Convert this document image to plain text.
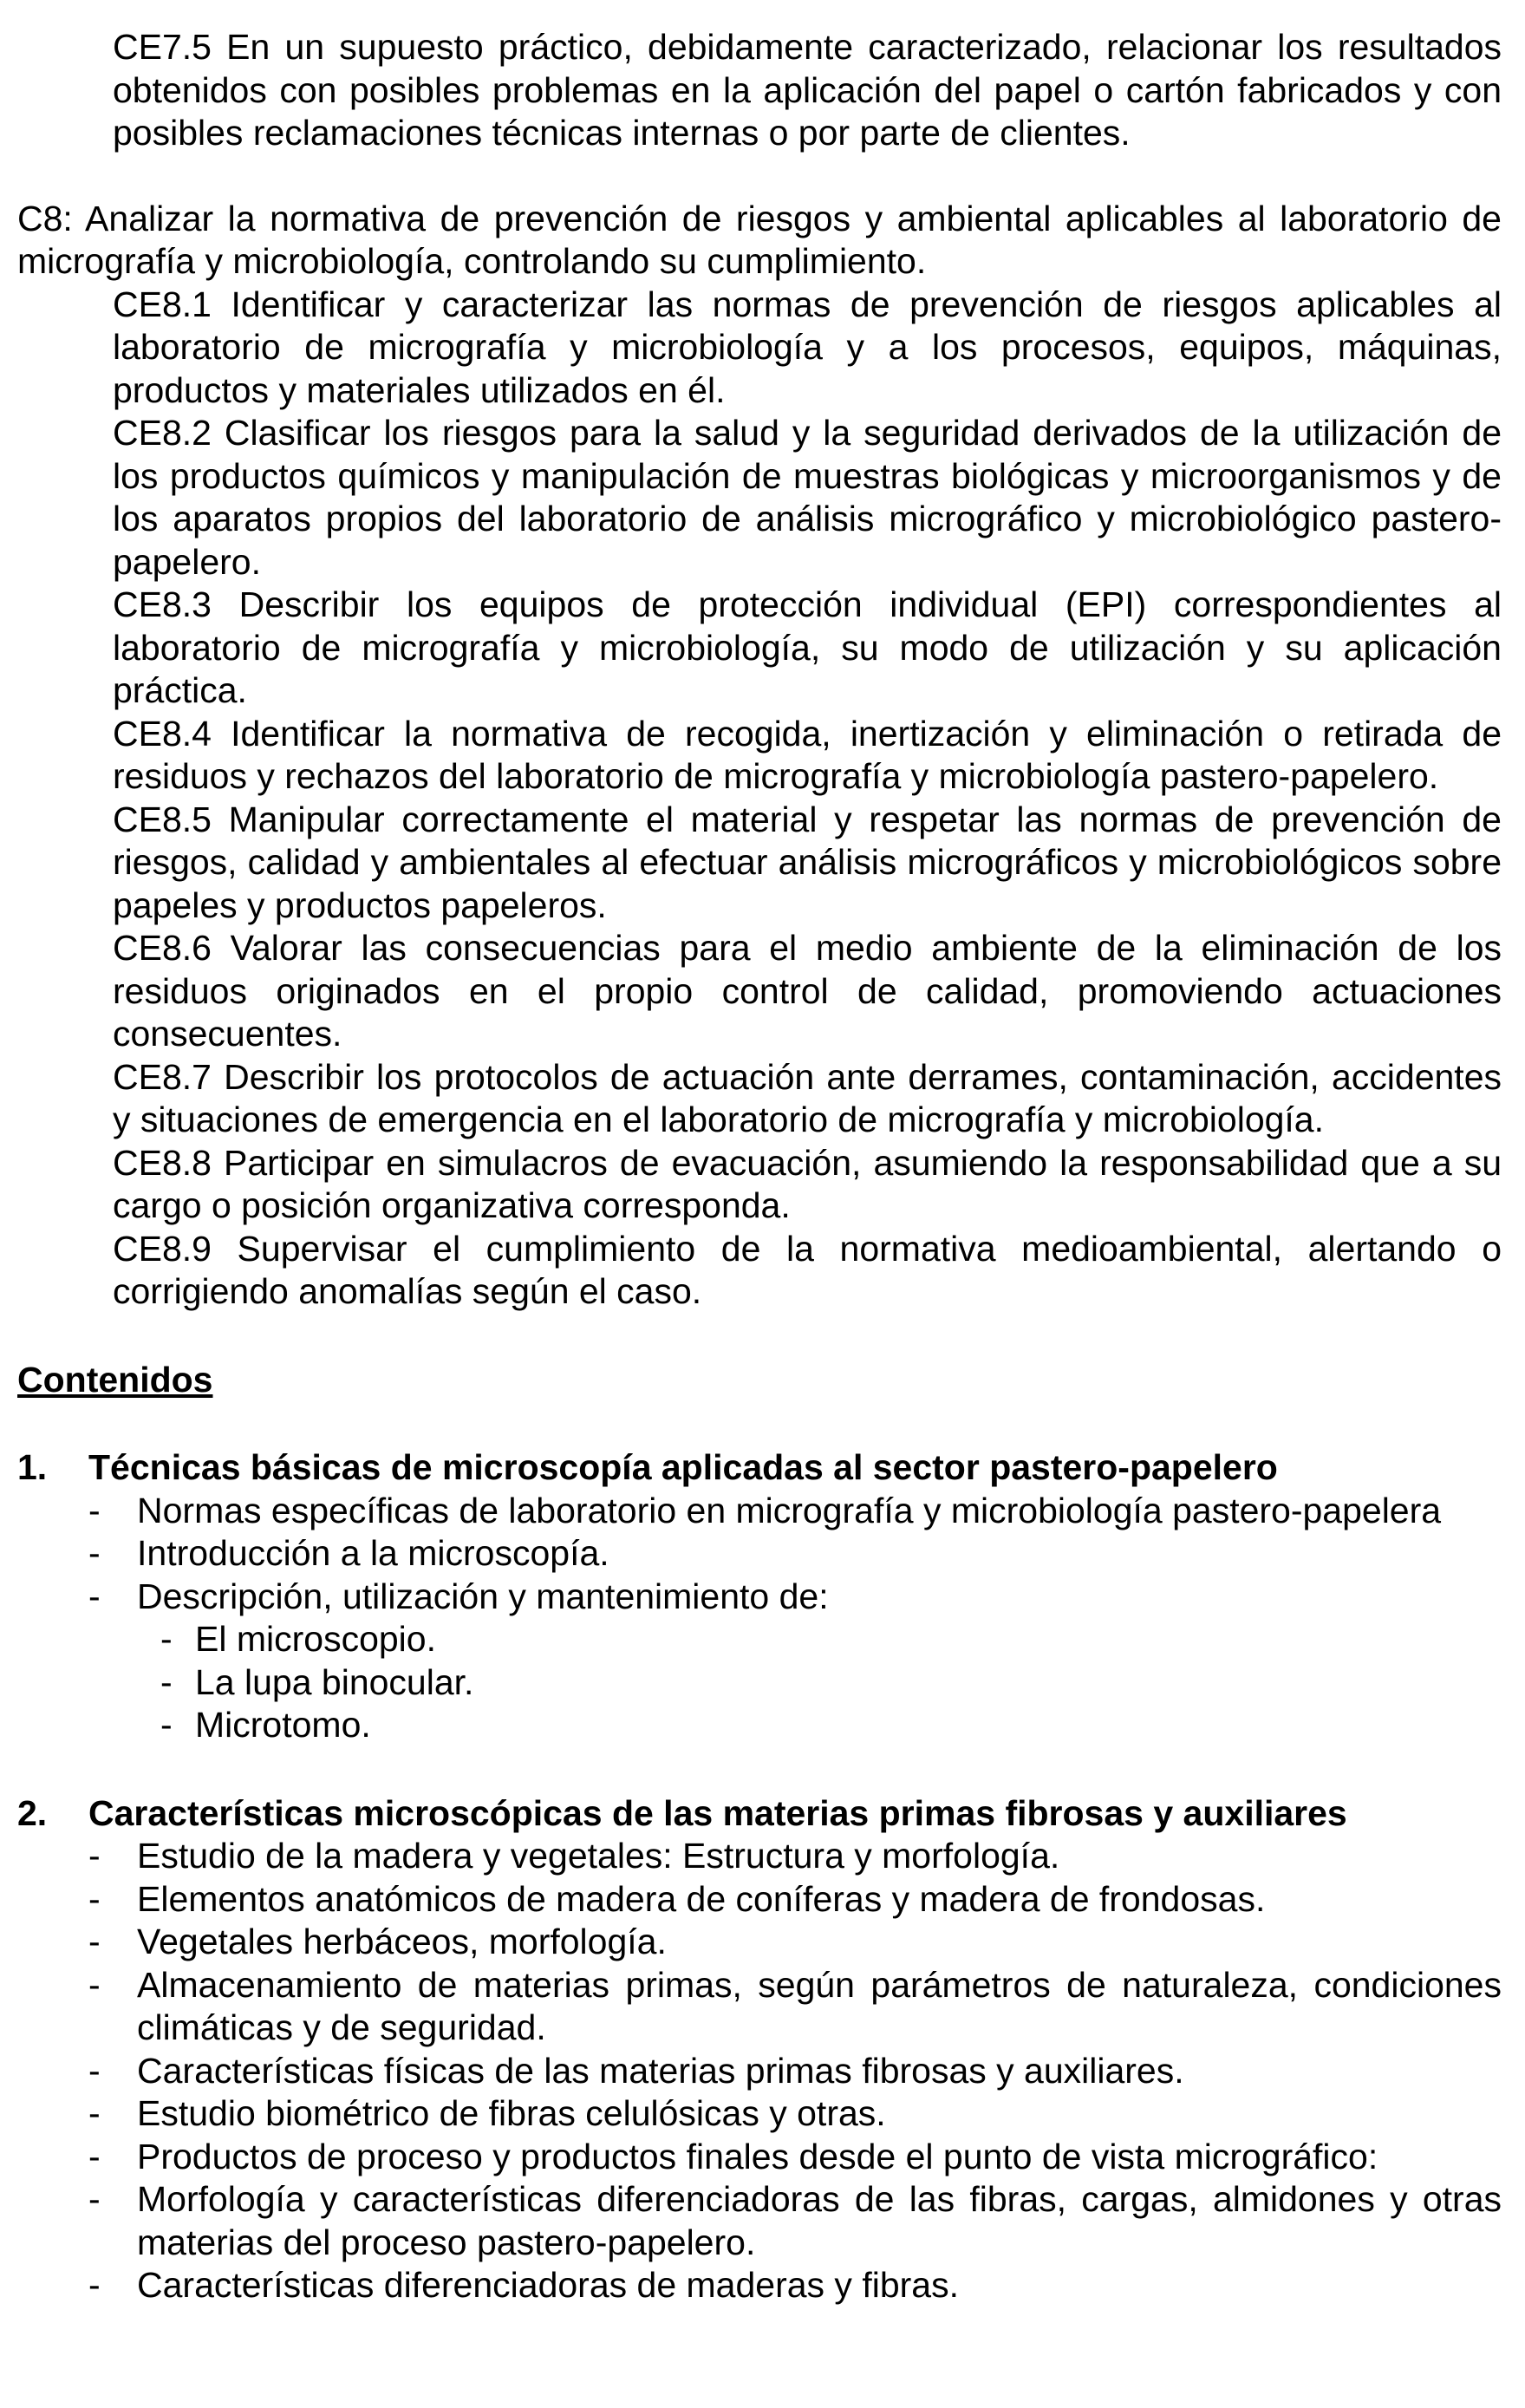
CE7.5 En un supuesto práctico, debidamente caracterizado, relacionar los resultados obtenidos con posibles problemas en la aplicación del papel o cartón fabricados y con posibles reclamaciones técnicas internas o por parte de clientes.

C8: Analizar la normativa de prevención de riesgos y ambiental aplicables al laboratorio de micrografía y microbiología, controlando su cumplimiento.

CE8.1 Identificar y caracterizar las normas de prevención de riesgos aplicables al laboratorio de micrografía y microbiología y a los procesos, equipos, máquinas, productos y materiales utilizados en él.

CE8.2 Clasificar los riesgos para la salud y la seguridad derivados de la utilización de los productos químicos y manipulación de muestras biológicas y microorganismos y de los aparatos propios del laboratorio de análisis micrográfico y microbiológico pastero-papelero.

CE8.3 Describir los equipos de protección individual (EPI) correspondientes al laboratorio de micrografía y microbiología, su modo de utilización y su aplicación práctica.

CE8.4 Identificar la normativa de recogida, inertización y eliminación o retirada de residuos y rechazos del laboratorio de micrografía y microbiología pastero-papelero.

CE8.5 Manipular correctamente el material y respetar las normas de prevención de riesgos, calidad y ambientales al efectuar análisis micrográficos y microbiológicos sobre papeles y productos papeleros.

CE8.6 Valorar las consecuencias para el medio ambiente de la eliminación de los residuos originados en el propio control de calidad, promoviendo actuaciones consecuentes.

CE8.7 Describir los protocolos de actuación ante derrames, contaminación, accidentes y situaciones de emergencia en el laboratorio de micrografía y microbiología.

CE8.8 Participar en simulacros de evacuación, asumiendo la responsabilidad que a su cargo o posición organizativa corresponda.

CE8.9 Supervisar el cumplimiento de la normativa medioambiental, alertando o corrigiendo anomalías según el caso.

Contenidos

1.	Técnicas básicas de microscopía aplicadas al sector pastero-papelero
- Normas específicas de laboratorio en micrografía y microbiología pastero-papelera
- Introducción a la microscopía.
- Descripción, utilización y mantenimiento de:
- El microscopio.
- La lupa binocular.
- Microtomo.
2.	Características microscópicas de las materias primas fibrosas y auxiliares
- Estudio de la madera y vegetales: Estructura y morfología.
- Elementos anatómicos de madera de coníferas y madera de frondosas.
- Vegetales herbáceos, morfología.
- Almacenamiento de materias primas, según parámetros de naturaleza, condiciones climáticas y de seguridad.
- Características físicas de las materias primas fibrosas y auxiliares.
- Estudio biométrico de fibras celulósicas y otras.
- Productos de proceso y productos finales desde el punto de vista micrográfico:
- Morfología y características diferenciadoras de las fibras, cargas, almidones y otras materias del proceso pastero-papelero.
- Características diferenciadoras de maderas y fibras.
